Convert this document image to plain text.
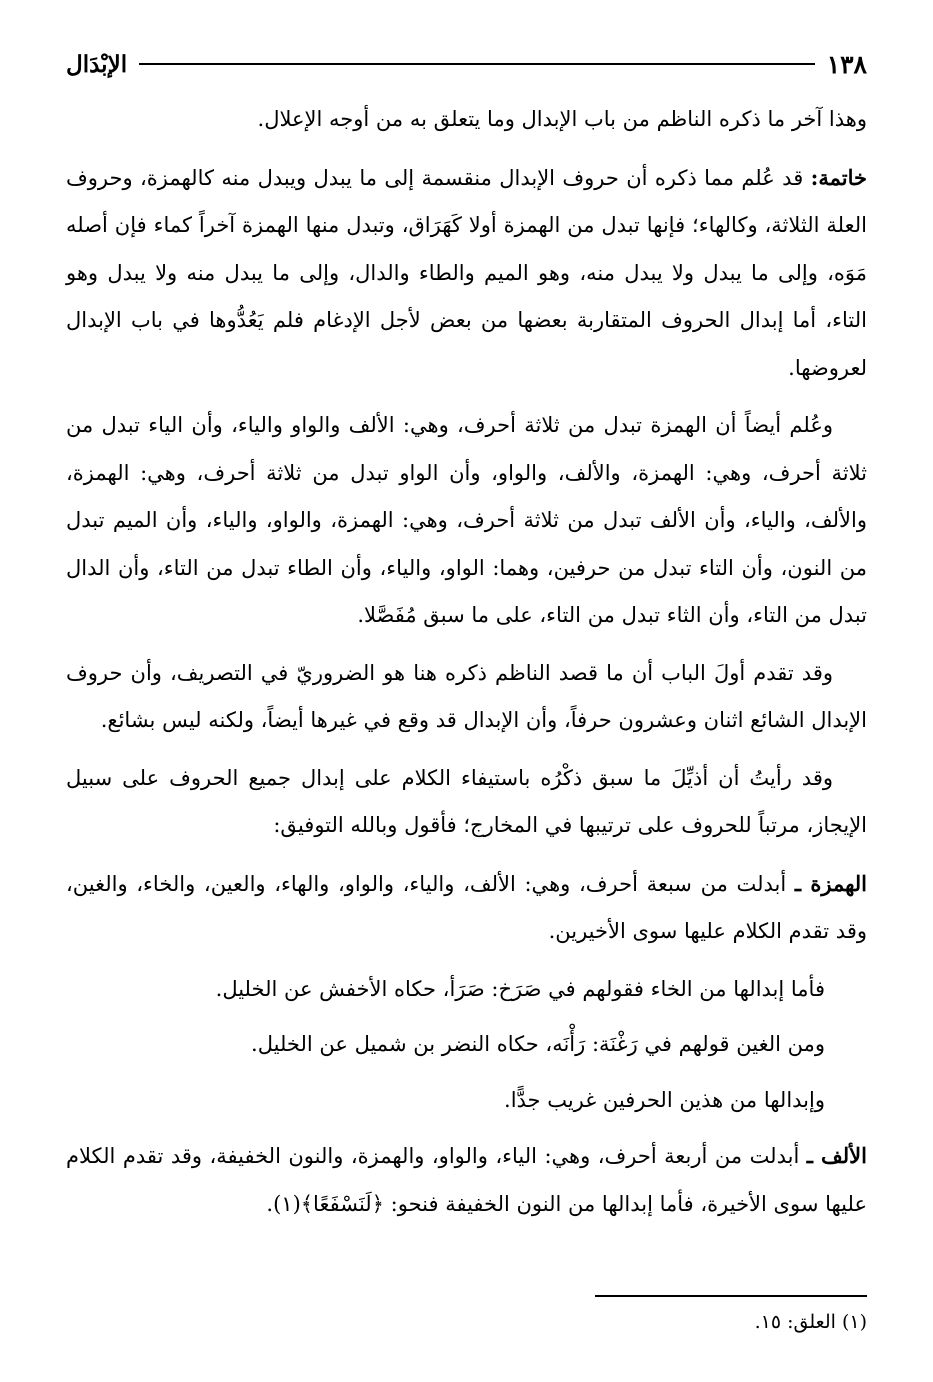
١٣٨
الإبْدَال

وهذا آخر ما ذكره الناظم من باب الإبدال وما يتعلق به من أوجه الإعلال.

خاتمة: قد عُلم مما ذكره أن حروف الإبدال منقسمة إلى ما يبدل ويبدل منه كالهمزة، وحروف العلة الثلاثة، وكالهاء؛ فإنها تبدل من الهمزة أولا كَهَرَاق، وتبدل منها الهمزة آخراً كماء فإن أصله مَوَه، وإلى ما يبدل ولا يبدل منه، وهو الميم والطاء والدال، وإلى ما يبدل منه ولا يبدل وهو التاء، أما إبدال الحروف المتقاربة بعضها من بعض لأجل الإدغام فلم يَعُدُّوها في باب الإبدال لعروضها.

وعُلم أيضاً أن الهمزة تبدل من ثلاثة أحرف، وهي: الألف والواو والياء، وأن الياء تبدل من ثلاثة أحرف، وهي: الهمزة، والألف، والواو، وأن الواو تبدل من ثلاثة أحرف، وهي: الهمزة، والألف، والياء، وأن الألف تبدل من ثلاثة أحرف، وهي: الهمزة، والواو، والياء، وأن الميم تبدل من النون، وأن التاء تبدل من حرفين، وهما: الواو، والياء، وأن الطاء تبدل من التاء، وأن الدال تبدل من التاء، وأن الثاء تبدل من التاء، على ما سبق مُفَصَّلا.

وقد تقدم أولَ الباب أن ما قصد الناظم ذكره هنا هو الضروريّ في التصريف، وأن حروف الإبدال الشائع اثنان وعشرون حرفاً، وأن الإبدال قد وقع في غيرها أيضاً، ولكنه ليس بشائع.

وقد رأيتُ أن أذيِّلَ ما سبق ذكْرُه باستيفاء الكلام على إبدال جميع الحروف على سبيل الإيجاز، مرتباً للحروف على ترتيبها في المخارج؛ فأقول وبالله التوفيق:

الهمزة ـ أبدلت من سبعة أحرف، وهي: الألف، والياء، والواو، والهاء، والعين، والخاء، والغين، وقد تقدم الكلام عليها سوى الأخيرين.

فأما إبدالها من الخاء فقولهم في صَرَخ: صَرَأ، حكاه الأخفش عن الخليل.

ومن الغين قولهم في رَغْنَة: رَأْنَه، حكاه النضر بن شميل عن الخليل.

وإبدالها من هذين الحرفين غريب جدًّا.

الألف ـ أبدلت من أربعة أحرف، وهي: الياء، والواو، والهمزة، والنون الخفيفة، وقد تقدم الكلام عليها سوى الأخيرة، فأما إبدالها من النون الخفيفة فنحو: ﴿لَنَسْفَعًا﴾(١).

(١) العلق: ١٥.
